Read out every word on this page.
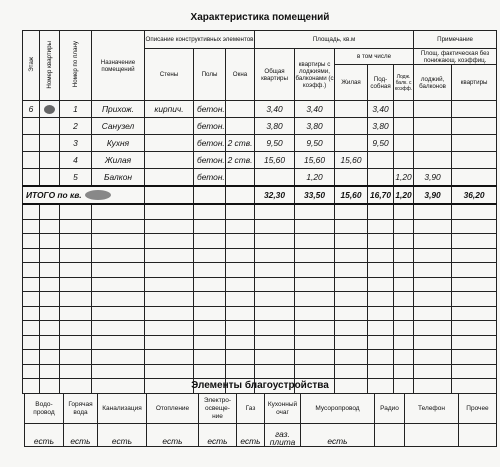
Характеристика помещений
Этаж	Номер квартиры	Номер по плану	Назначение помещений	Описание конструктивных элементов			Площадь, кв.м					Примечание	
				Стены	Полы	Окна	Общая квартиры	квартиры с лоджиями, балконами (с коэфф.)	в том числе			Площ. фактическая без понижающ. коэффиц.	
									Жилая	Под- собная	Лодж. балк. с коэфф.	лоджий, балконов	квартиры
6		1	Прихож.	кирпич.	бетон.		3,40	3,40		3,40			
		2	Санузел		бетон.		3,80	3,80		3,80			
		3	Кухня		бетон.	2 ств.	9,50	9,50		9,50			
		4	Жилая		бетон.	2 ств.	15,60	15,60	15,60				
		5	Балкон		бетон.			1,20			1,20	3,90	
ИТОГО по кв.							32,30	33,50	15,60	16,70	1,20	3,90	36,20

Элементы благоустройства
Водо- провод	Горячая вода	Канализация	Отопление	Электро- освеще- ние	Газ	Кухонный очаг	Мусоропровод	Радио	Телефон	Прочее
есть	есть	есть	есть	есть	есть	газ. плита	есть			
